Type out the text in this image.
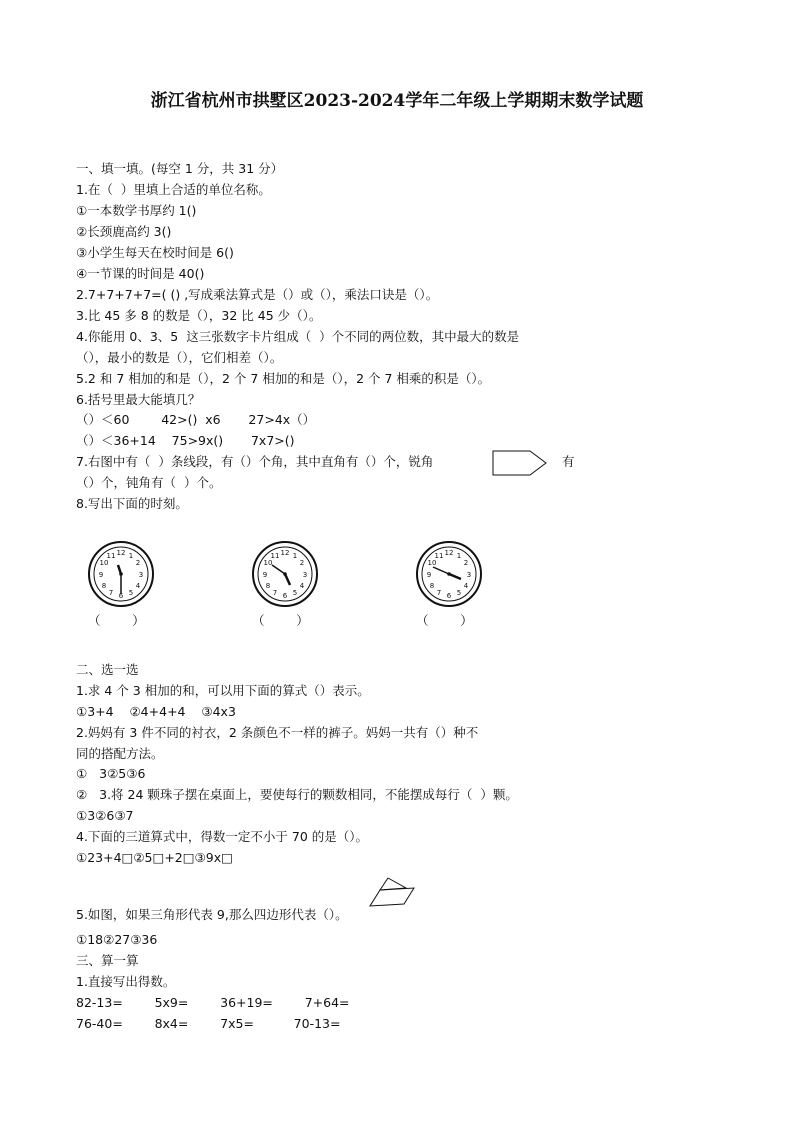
浙江省杭州市拱墅区2023-2024学年二年级上学期期末数学试题
一、填一填。(每空 1 分，共 31 分）
1.在（  ）里填上合适的单位名称。
①一本数学书厚约 1()
②长颈鹿高约 3()
③小学生每天在校时间是 6()
④一节课的时间是 40()
2.7+7+7+7=( () ,写成乘法算式是（）或（），乘法口诀是（）。
3.比 45 多 8 的数是（），32 比 45 少（）。
4.你能用 0、3、5  这三张数字卡片组成（  ）个不同的两位数，其中最大的数是
（），最小的数是（），它们相差（）。
5.2 和 7 相加的和是（），2 个 7 相加的和是（），2 个 7 相乘的积是（）。
6.括号里最大能填几？
（）＜60        42>()  x6       27>4x（）
（）＜36+14    75>9x()       7x7>()
7.右图中有（  ）条线段，有（）个角，其中直角有（）个，锐角
（）个，钝角有（  ）个。
8.写出下面的时刻。
有
12 1
2
3
4
5
6
7
8
9
10
11	12 1
2
3
4
5
6
7
8
9
10
11	12 1
2
3
4
5
6
7
8
9
10
11
（        ）	（        ）	（        ）
二、选一选
1.求 4 个 3 相加的和，可以用下面的算式（）表示。
①3+4    ②4+4+4    ③4x3
2.妈妈有 3 件不同的衬衣，2 条颜色不一样的裤子。妈妈一共有（）种不
同的搭配方法。
①   3②5③6
②   3.将 24 颗珠子摆在桌面上，要使每行的颗数相同，不能摆成每行（  ）颗。
①3②6③7
4.下面的三道算式中，得数一定不小于 70 的是（）。
①23+4□②5□+2□③9x□
5.如图，如果三角形代表 9,那么四边形代表（）。
①18②27③36
三、算一算
1.直接写出得数。
82-13=        5x9=        36+19=        7+64=
76-40=        8x4=        7x5=          70-13=
